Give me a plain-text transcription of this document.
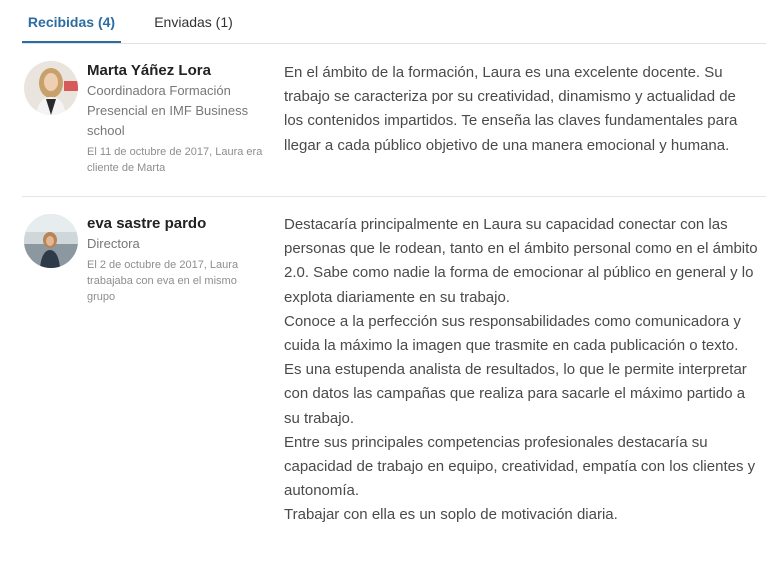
Recibidas (4)	Enviadas (1)
Marta Yáñez Lora
Coordinadora Formación Presencial en IMF Business school
El 11 de octubre de 2017, Laura era cliente de Marta

En el ámbito de la formación, Laura es una excelente docente. Su trabajo se caracteriza por su creatividad, dinamismo y actualidad de los contenidos impartidos. Te enseña las claves fundamentales para llegar a cada público objetivo de una manera emocional y humana.

eva sastre pardo
Directora
El 2 de octubre de 2017, Laura trabajaba con eva en el mismo grupo

Destacaría principalmente en Laura su capacidad conectar con las personas que le rodean, tanto en el ámbito personal como en el ámbito 2.0. Sabe como nadie la forma de emocionar al público en general y lo explota diariamente en su trabajo.

Conoce a la perfección sus responsabilidades como comunicadora y cuida la máximo la imagen que trasmite en cada publicación o texto.

Es una estupenda analista de resultados, lo que le permite interpretar con datos las campañas que realiza para sacarle el máximo partido a su trabajo.

Entre sus principales competencias profesionales destacaría su capacidad de trabajo en equipo, creatividad, empatía con los clientes y autonomía.

Trabajar con ella es un soplo de motivación diaria.
